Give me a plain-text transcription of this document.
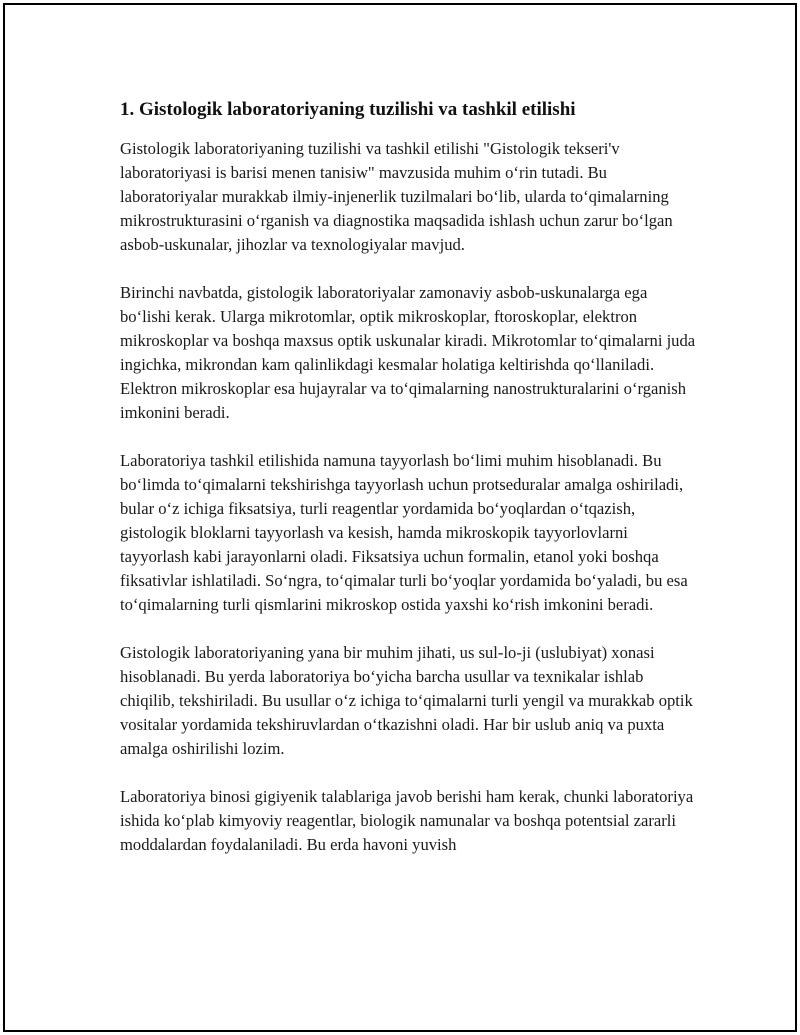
1. Gistologik laboratoriyaning tuzilishi va tashkil etilishi

Gistologik laboratoriyaning tuzilishi va tashkil etilishi "Gistologik tekseri'v laboratoriyasi is barisi menen tanisiw" mavzusida muhim o‘rin tutadi. Bu laboratoriyalar murakkab ilmiy-injenerlik tuzilmalari bo‘lib, ularda to‘qimalarning mikrostrukturasini o‘rganish va diagnostika maqsadida ishlash uchun zarur bo‘lgan asbob-uskunalar, jihozlar va texnologiyalar mavjud.

Birinchi navbatda, gistologik laboratoriyalar zamonaviy asbob-uskunalarga ega bo‘lishi kerak. Ularga mikrotomlar, optik mikroskoplar, ftoroskoplar, elektron mikroskoplar va boshqa maxsus optik uskunalar kiradi. Mikrotomlar to‘qimalarni juda ingichka, mikrondan kam qalinlikdagi kesmalar holatiga keltirishda qo‘llaniladi. Elektron mikroskoplar esa hujayralar va to‘qimalarning nanostrukturalarini o‘rganish imkonini beradi.

Laboratoriya tashkil etilishida namuna tayyorlash bo‘limi muhim hisoblanadi. Bu bo‘limda to‘qimalarni tekshirishga tayyorlash uchun protseduralar amalga oshiriladi, bular o‘z ichiga fiksatsiya, turli reagentlar yordamida bo‘yoqlardan o‘tqazish, gistologik bloklarni tayyorlash va kesish, hamda mikroskopik tayyorlovlarni tayyorlash kabi jarayonlarni oladi. Fiksatsiya uchun formalin, etanol yoki boshqa fiksativlar ishlatiladi. So‘ngra, to‘qimalar turli bo‘yoqlar yordamida bo‘yaladi, bu esa to‘qimalarning turli qismlarini mikroskop ostida yaxshi ko‘rish imkonini beradi.

Gistologik laboratoriyaning yana bir muhim jihati, us sul-lo-ji (uslubiyat) xonasi hisoblanadi. Bu yerda laboratoriya bo‘yicha barcha usullar va texnikalar ishlab chiqilib, tekshiriladi. Bu usullar o‘z ichiga to‘qimalarni turli yengil va murakkab optik vositalar yordamida tekshiruvlardan o‘tkazishni oladi. Har bir uslub aniq va puxta amalga oshirilishi lozim.

Laboratoriya binosi gigiyenik talablariga javob berishi ham kerak, chunki laboratoriya ishida ko‘plab kimyoviy reagentlar, biologik namunalar va boshqa potentsial zararli moddalardan foydalaniladi. Bu erda havoni yuvish
